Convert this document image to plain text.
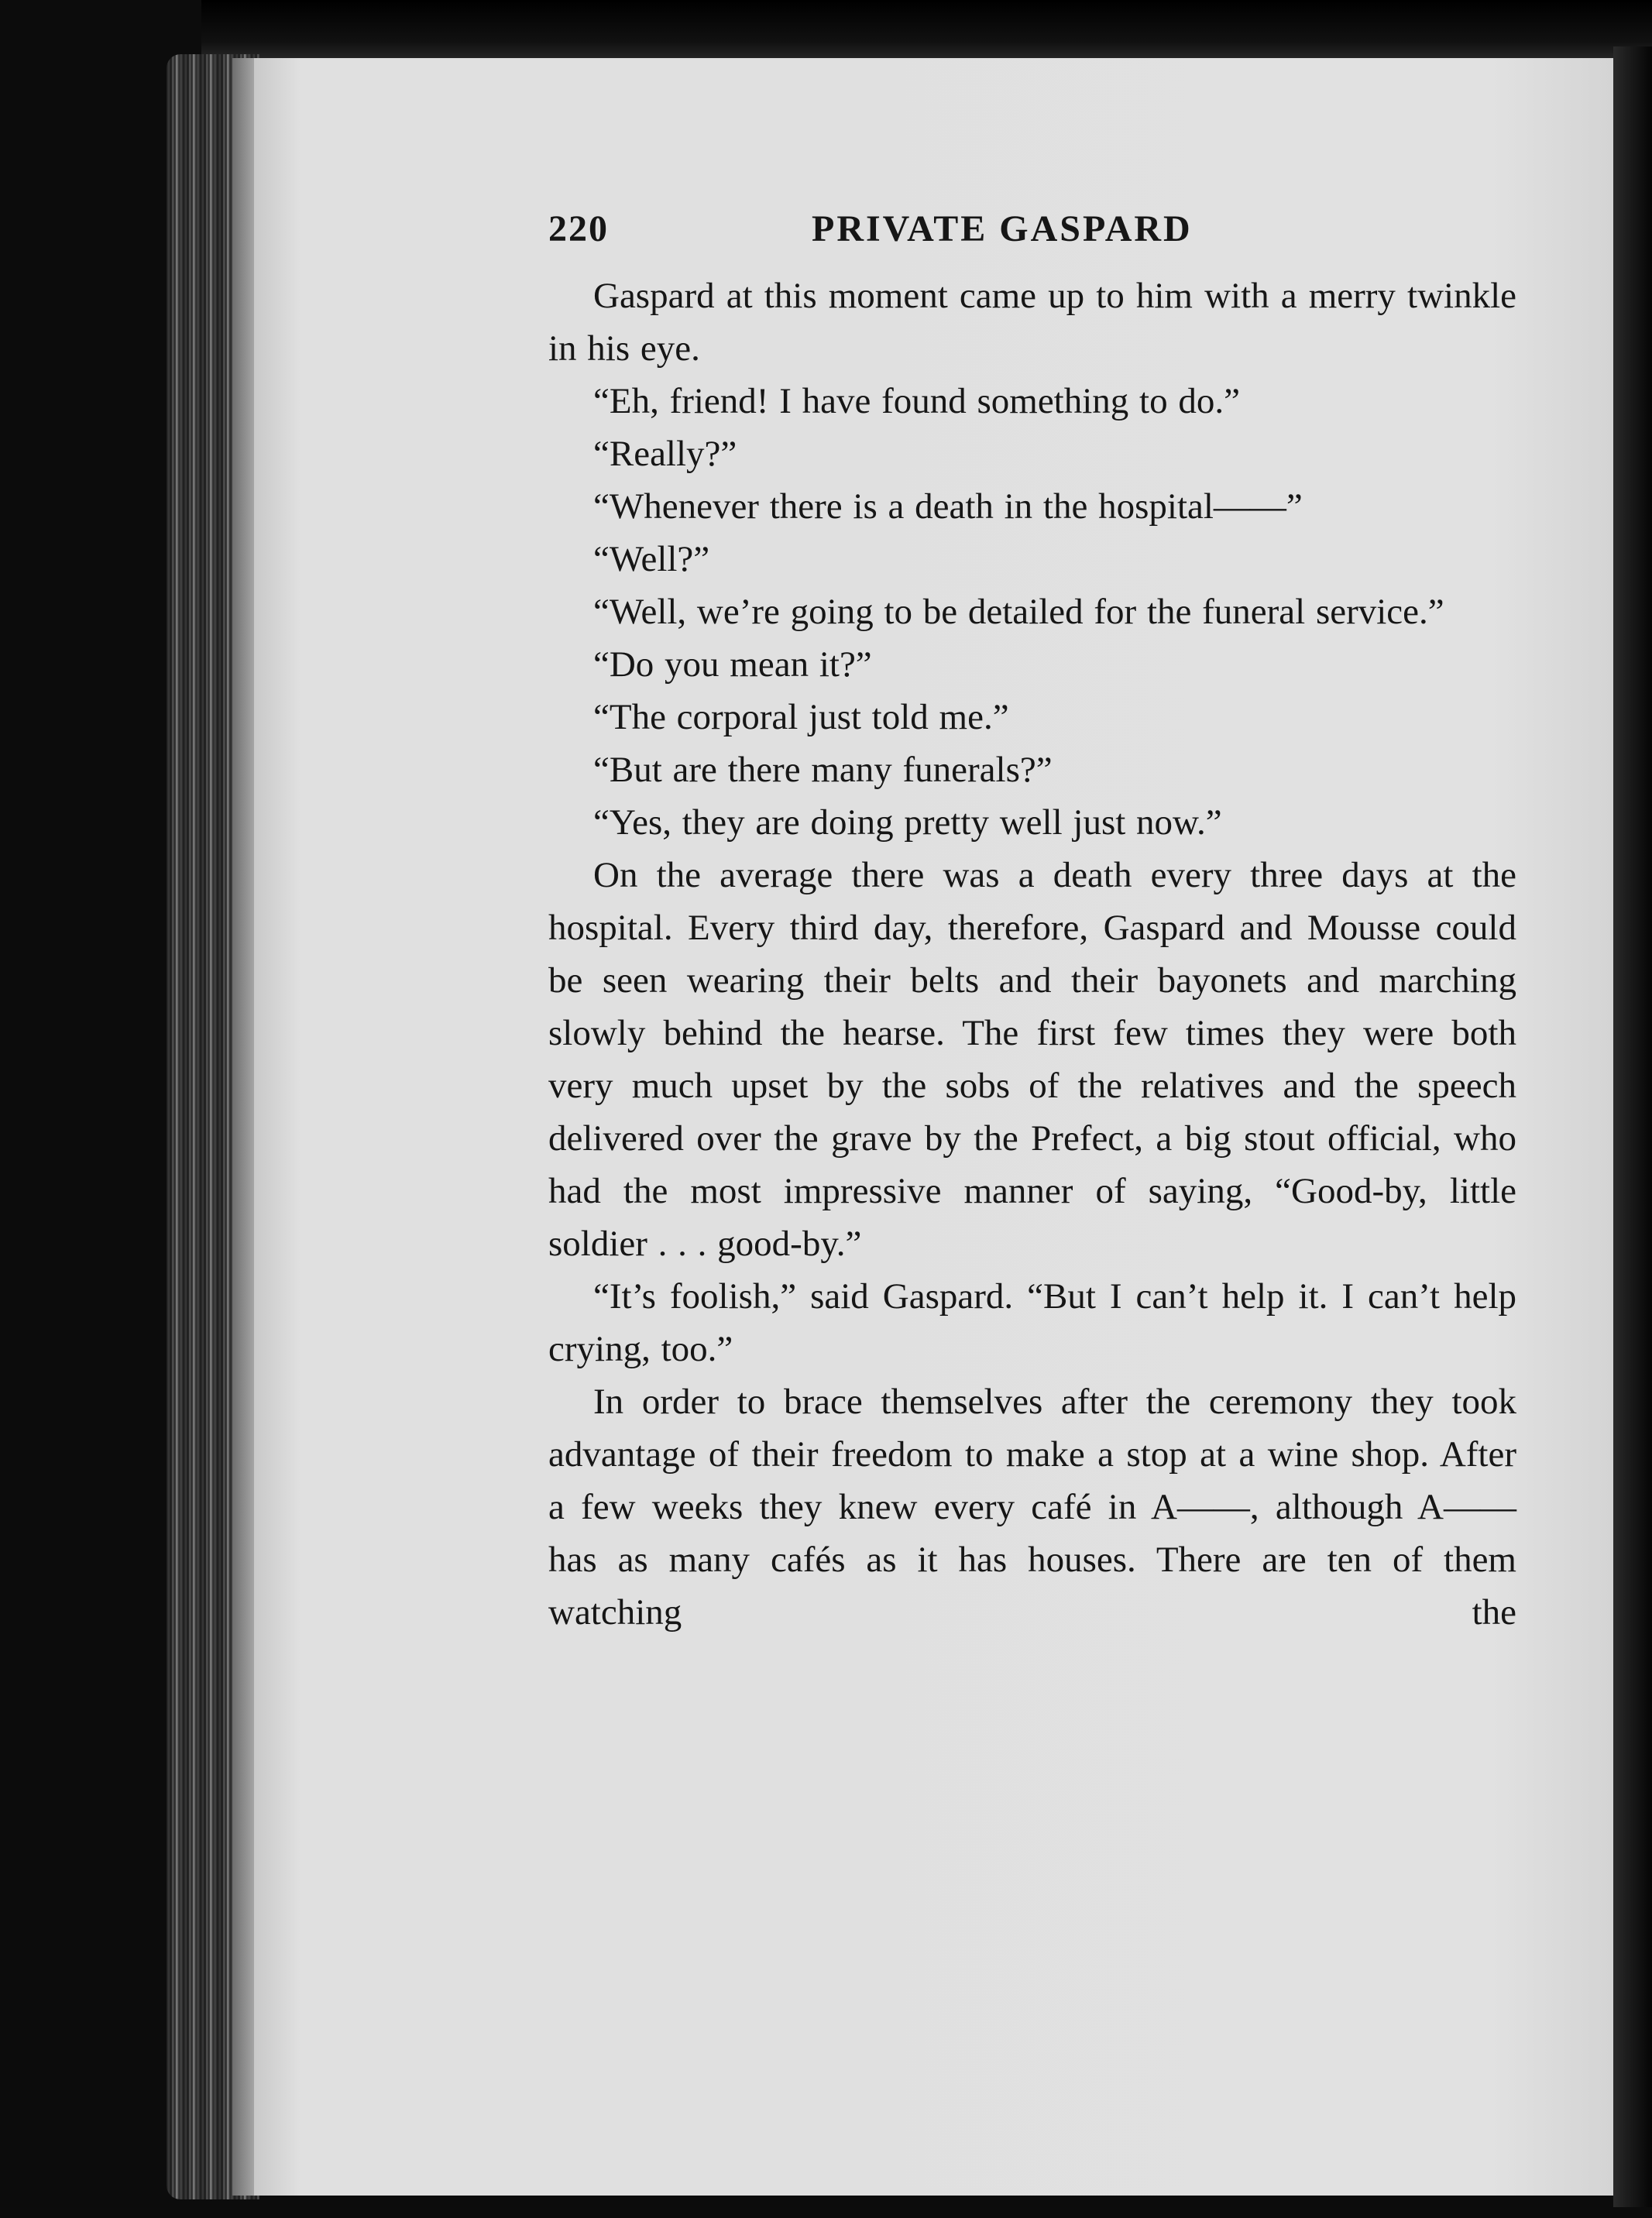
220	PRIVATE GASPARD

Gaspard at this moment came up to him with a merry twinkle in his eye.

“Eh, friend! I have found something to do.”

“Really?”

“Whenever there is a death in the hospital——”

“Well?”

“Well, we’re going to be detailed for the funeral service.”

“Do you mean it?”

“The corporal just told me.”

“But are there many funerals?”

“Yes, they are doing pretty well just now.”

On the average there was a death every three days at the hospital. Every third day, therefore, Gaspard and Mousse could be seen wearing their belts and their bayonets and marching slowly behind the hearse. The first few times they were both very much upset by the sobs of the relatives and the speech delivered over the grave by the Prefect, a big stout official, who had the most impressive manner of saying, “Good-by, little soldier . . . good-by.”

“It’s foolish,” said Gaspard. “But I can’t help it. I can’t help crying, too.”

In order to brace themselves after the ceremony they took advantage of their freedom to make a stop at a wine shop. After a few weeks they knew every café in A——, although A—— has as many cafés as it has houses. There are ten of them watching the
